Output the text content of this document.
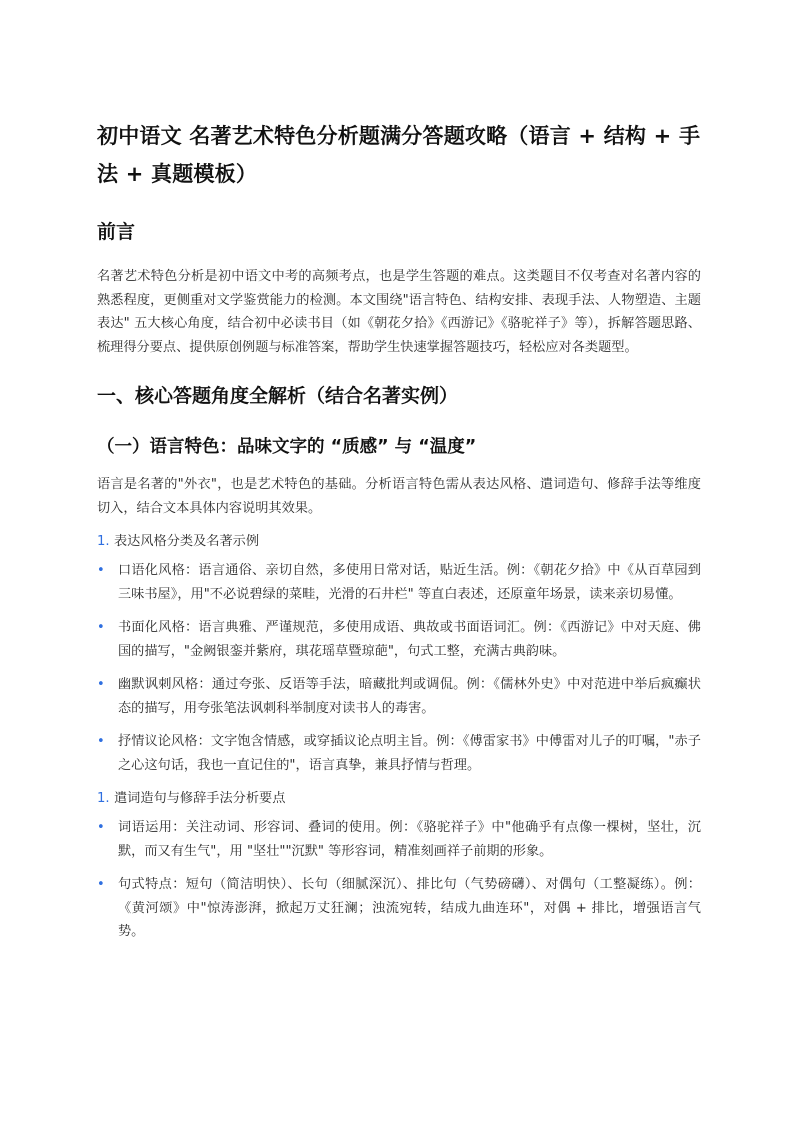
初中语文 名著艺术特色分析题满分答题攻略（语言 + 结构 + 手法 + 真题模板）
前言

名著艺术特色分析是初中语文中考的高频考点，也是学生答题的难点。这类题目不仅考查对名著内容的熟悉程度，更侧重对文学鉴赏能力的检测。本文围绕"语言特色、结构安排、表现手法、人物塑造、主题表达" 五大核心角度，结合初中必读书目（如《朝花夕拾》《西游记》《骆驼祥子》等），拆解答题思路、梳理得分要点、提供原创例题与标准答案，帮助学生快速掌握答题技巧，轻松应对各类题型。

一、核心答题角度全解析（结合名著实例）
（一）语言特色：品味文字的 “质感” 与 “温度”

语言是名著的"外衣"，也是艺术特色的基础。分析语言特色需从表达风格、遣词造句、修辞手法等维度切入，结合文本具体内容说明其效果。

1. 表达风格分类及名著示例
•	口语化风格：语言通俗、亲切自然，多使用日常对话，贴近生活。例：《朝花夕拾》中《从百草园到三味书屋》，用"不必说碧绿的菜畦，光滑的石井栏" 等直白表述，还原童年场景，读来亲切易懂。
•	书面化风格：语言典雅、严谨规范，多使用成语、典故或书面语词汇。例：《西游记》中对天庭、佛国的描写，"金阙银銮并紫府，琪花瑶草暨琼葩"，句式工整，充满古典韵味。
•	幽默讽刺风格：通过夸张、反语等手法，暗藏批判或调侃。例：《儒林外史》中对范进中举后疯癫状态的描写，用夸张笔法讽刺科举制度对读书人的毒害。
•	抒情议论风格：文字饱含情感，或穿插议论点明主旨。例：《傅雷家书》中傅雷对儿子的叮嘱，"赤子之心这句话，我也一直记住的"，语言真挚，兼具抒情与哲理。
1. 遣词造句与修辞手法分析要点
•	词语运用：关注动词、形容词、叠词的使用。例：《骆驼祥子》中"他确乎有点像一棵树，坚壮，沉默，而又有生气"，用 "坚壮""沉默" 等形容词，精准刻画祥子前期的形象。
•	句式特点：短句（简洁明快）、长句（细腻深沉）、排比句（气势磅礴）、对偶句（工整凝练）。例：《黄河颂》中"惊涛澎湃，掀起万丈狂澜；浊流宛转，结成九曲连环"，对偶 + 排比，增强语言气势。
